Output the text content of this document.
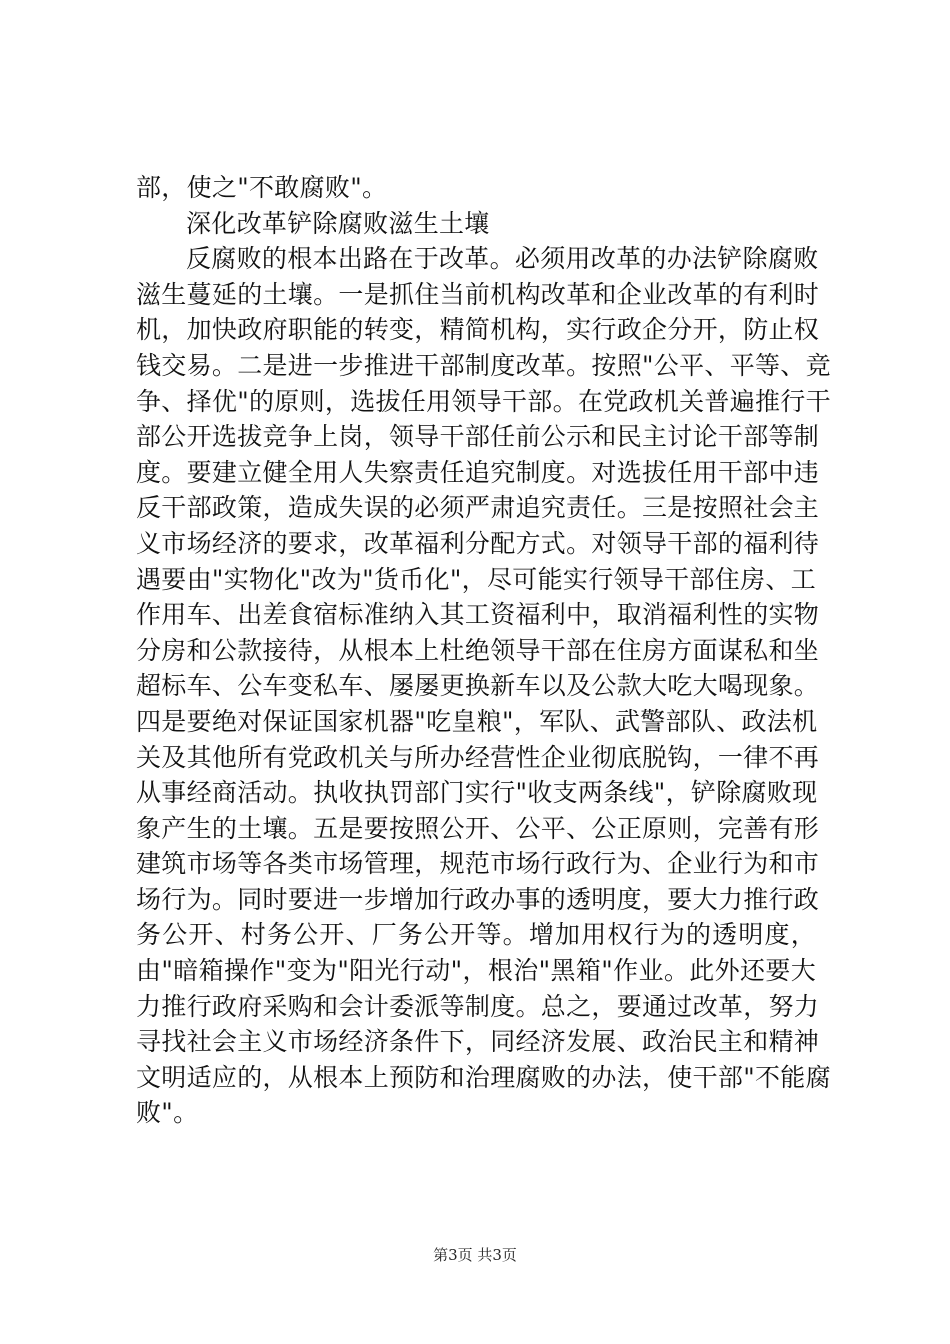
部，使之"不敢腐败"。
深化改革铲除腐败滋生土壤
反腐败的根本出路在于改革。必须用改革的办法铲除腐败
滋生蔓延的土壤。一是抓住当前机构改革和企业改革的有利时
机，加快政府职能的转变，精简机构，实行政企分开，防止权
钱交易。二是进一步推进干部制度改革。按照"公平、平等、竞
争、择优"的原则，选拔任用领导干部。在党政机关普遍推行干
部公开选拔竞争上岗，领导干部任前公示和民主讨论干部等制
度。要建立健全用人失察责任追究制度。对选拔任用干部中违
反干部政策，造成失误的必须严肃追究责任。三是按照社会主
义市场经济的要求，改革福利分配方式。对领导干部的福利待
遇要由"实物化"改为"货币化"，尽可能实行领导干部住房、工
作用车、出差食宿标准纳入其工资福利中，取消福利性的实物
分房和公款接待，从根本上杜绝领导干部在住房方面谋私和坐
超标车、公车变私车、屡屡更换新车以及公款大吃大喝现象。
四是要绝对保证国家机器"吃皇粮"，军队、武警部队、政法机
关及其他所有党政机关与所办经营性企业彻底脱钩，一律不再
从事经商活动。执收执罚部门实行"收支两条线"，铲除腐败现
象产生的土壤。五是要按照公开、公平、公正原则，完善有形
建筑市场等各类市场管理，规范市场行政行为、企业行为和市
场行为。同时要进一步增加行政办事的透明度，要大力推行政
务公开、村务公开、厂务公开等。增加用权行为的透明度，
由"暗箱操作"变为"阳光行动"，根治"黑箱"作业。此外还要大
力推行政府采购和会计委派等制度。总之，要通过改革，努力
寻找社会主义市场经济条件下，同经济发展、政治民主和精神
文明适应的，从根本上预防和治理腐败的办法，使干部"不能腐
败"。
第3页 共3页
